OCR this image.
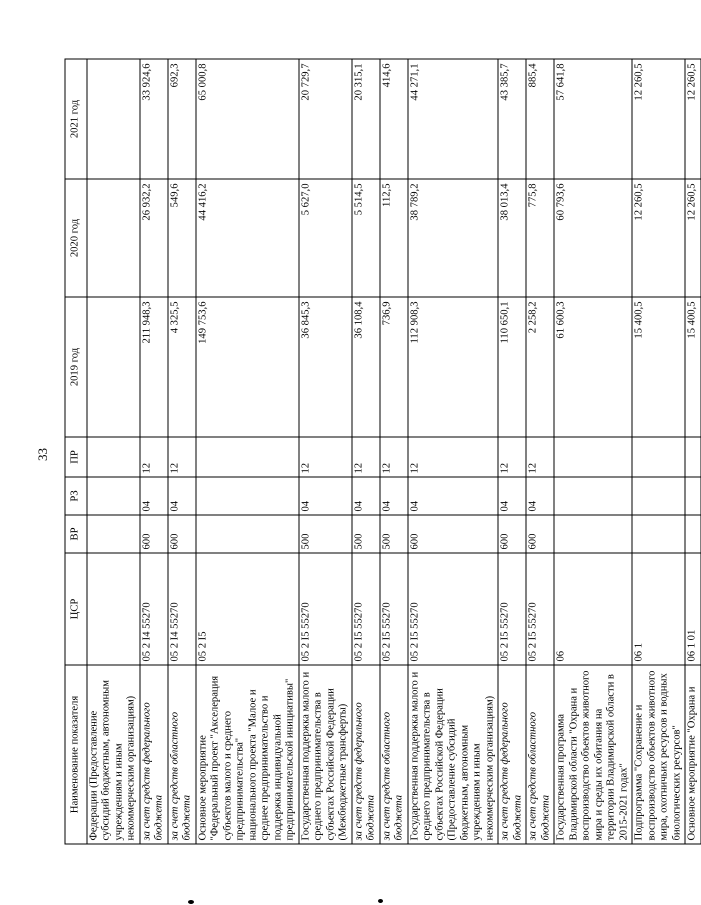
33
Наименование показателя	ЦСР	ВР	РЗ	ПР	2019 год	2020 год	2021 год
Федерации (Предоставление субсидий бюджетным, автономным учреждениям и иным некоммерческим организациям)							
за счет средств федерального бюджета	05 2 I4 55270	600	04	12	211 948,3	26 932,2	33 924,6
за счет средств областного бюджета	05 2 I4 55270	600	04	12	4 325,5	549,6	692,3
Основное мероприятие "Федеральный проект "Акселерация субъектов малого и среднего предпринимательства" национального проекта "Малое и среднее предпринимательство и поддержка индивидуальной предпринимательской инициативы"	05 2 I5				149 753,6	44 416,2	65 000,8
Государственная поддержка малого и среднего предпринимательства в субъектах Российской Федерации (Межбюджетные трансферты)	05 2 I5 55270	500	04	12	36 845,3	5 627,0	20 729,7
за счет средств федерального бюджета	05 2 I5 55270	500	04	12	36 108,4	5 514,5	20 315,1
за счет средств областного бюджета	05 2 I5 55270	500	04	12	736,9	112,5	414,6
Государственная поддержка малого и среднего предпринимательства в субъектах Российской Федерации (Предоставление субсидий бюджетным, автономным учреждениям и иным некоммерческим организациям)	05 2 I5 55270	600	04	12	112 908,3	38 789,2	44 271,1
за счет средств федерального бюджета	05 2 I5 55270	600	04	12	110 650,1	38 013,4	43 385,7
за счет средств областного бюджета	05 2 I5 55270	600	04	12	2 258,2	775,8	885,4
Государственная программа Владимирской области "Охрана и воспроизводство объектов животного мира и среды их обитания на территории Владимирской области в 2015-2021 годах"	06				61 600,3	60 793,6	57 641,8
Подпрограмма "Сохранение и воспроизводство объектов животного мира, охотничьих ресурсов и водных биологических ресурсов"	06 1				15 400,5	12 260,5	12 260,5
Основное мероприятие "Охрана и	06 1 01				15 400,5	12 260,5	12 260,5
